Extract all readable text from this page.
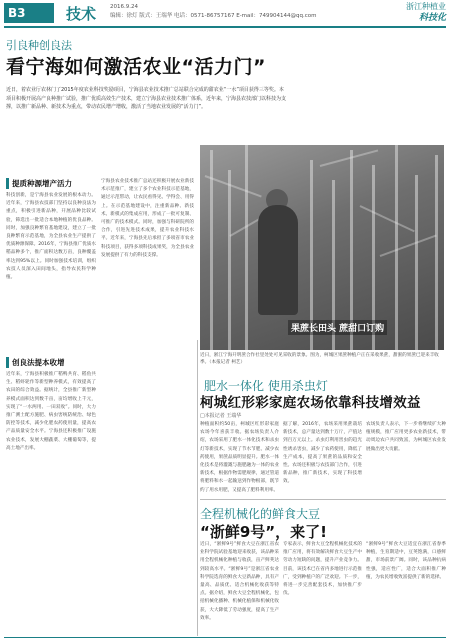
B3	技术	2016.9.24
编辑：徐灯 版式：王端华 电话：0571-86757167 E-mail：749904144@qq.com
浙江种植业
科技化
引良种创良法
看宁海如何激活农业“活力门”
近日，着农业厅农林门了2015年度农业科技奖励项目，宁海县农业技术推广总站联合完成的甜农业“一水”项目获得三等奖。本项目积极开展高产良种推广试验，推广优质高效生产技术，建立宁海县农业技术推广体系，近年来，宁海县农技部门以科技为支撑，以推广新品种、新技术为重点，带动农民增产增收，激活了当地农业发展的“活力门”。
提质种源增产活力
科技创新，是宁海县农业发展的根本动力。近年来，宁海县农技部门坚持以良种良法为重点，积极引进新品种，开展品种比较试验，筛选出一批适合本地种植的优良品种。同时，加强良种繁育基地建设，建立了一批良种繁育示范基地，为全县农业生产提供了优质种源保障。2016年，宁海县推广优质水稻品种多个，推广面积达数万亩，良种覆盖率达到95%以上。同时加强技术培训，组织农技人员深入田间地头，指导农民科学种植。
创良法提本收增
近年来，宁海县积极推广稻鸭共育、稻鱼共生、稻虾轮作等新型种养模式，有效提高了农田的综合效益。据统计，全县推广新型种养模式面积达到数千亩，亩均增收上千元，实现了“一水两用、一田双收”。同时，大力推广测土配方施肥、病虫害统防统治、绿色防控等技术，减少化肥农药使用量，提高农产品质量安全水平。宁海县还积极推广设施农业技术，发展大棚蔬菜、大棚葡萄等，提高土地产出率。
宁海县农业技术推广总站还积极开展农业新技术示范推广，建立了多个农业科技示范基地，通过示范带动，让农民看得见、学得会、用得上。在示范基地建设中，注重新品种、新技术、新模式的集成应用，形成了一批可复制、可推广的技术模式。同时，加强与科研院所的合作，引进先进技术成果，提升农业科技水平。近年来，宁海县先后承担了多项省市农业科技项目，获得多项科技成果奖，为全县农业发展提供了有力的科技支撑。
果蔗长田头 蔗甜口订购
近日，浙江宁海开明蔗合作社里处处可见采收的景象。图为，柯城区果蔗种植户正在采收果蔗，甜蜜的果蔗已迎来丰收季。（本报记者 柯艺）
肥水一体化 使用杀虫灯
柯城红形彩家庭农场依靠科技增效益
□本报记者 王端华
种植面积约50亩，柯城区红形彩家庭农场今年喜获丰收。据农场负责人介绍，农场采用了肥水一体化技术和杀虫灯等新技术，实现了节水节肥、减少农药使用，果蔗品质明显提升。肥水一体化技术是将灌溉与施肥融为一体的农业新技术，根据作物需肥规律，通过管道将肥料和水一起输送到作物根部，既节约了用水用肥，又提高了肥料利用率。
据了解，2016年，农场采用果蔗栽培新技术，总产量达到数十万斤，产值达到百万元以上。杀虫灯利用害虫的趋光性诱杀害虫，减少了农药使用，降低了生产成本，提高了果蔗的品质和安全性。农场还积极与农技部门合作，引进新品种，推广新技术，实现了科技增效。
农场负责人表示，下一步将继续扩大种植规模，推广应用更多农业新技术，带动周边农户共同致富，为柯城区农业发展做出更大贡献。
全程机械化的鲜食大豆
“浙鲜9号”，来了!
近日，“浙鲜9号”鲜食大豆在浙江省农业科学院试验基地迎来收获，该品种采用全程机械化种植与收获，亩产鲜荚达到较高水平。“浙鲜9号”是浙江省农业科学院选育的鲜食大豆新品种，具有产量高、品质优、适合机械化收获等特点。据介绍，鲜食大豆全程机械化，包括机械化播种、机械化植保和机械化收获，大大降低了劳动强度，提高了生产效率。
专家表示，鲜食大豆全程机械化技术的推广应用，将有效解决鲜食大豆生产中劳动力短缺的问题，提升产业竞争力。目前，该技术已在省内多地进行示范推广，受到种植户的广泛欢迎。下一步，将进一步完善配套技术，加快推广步伐。
“浙鲜9号”鲜食大豆适宜在浙江省春季种植，生育期适中，豆荚饱满，口感鲜甜，市场前景广阔。同时，该品种抗病性强，适应性广，适合大面积推广种植，为农民增收致富提供了新的选择。
